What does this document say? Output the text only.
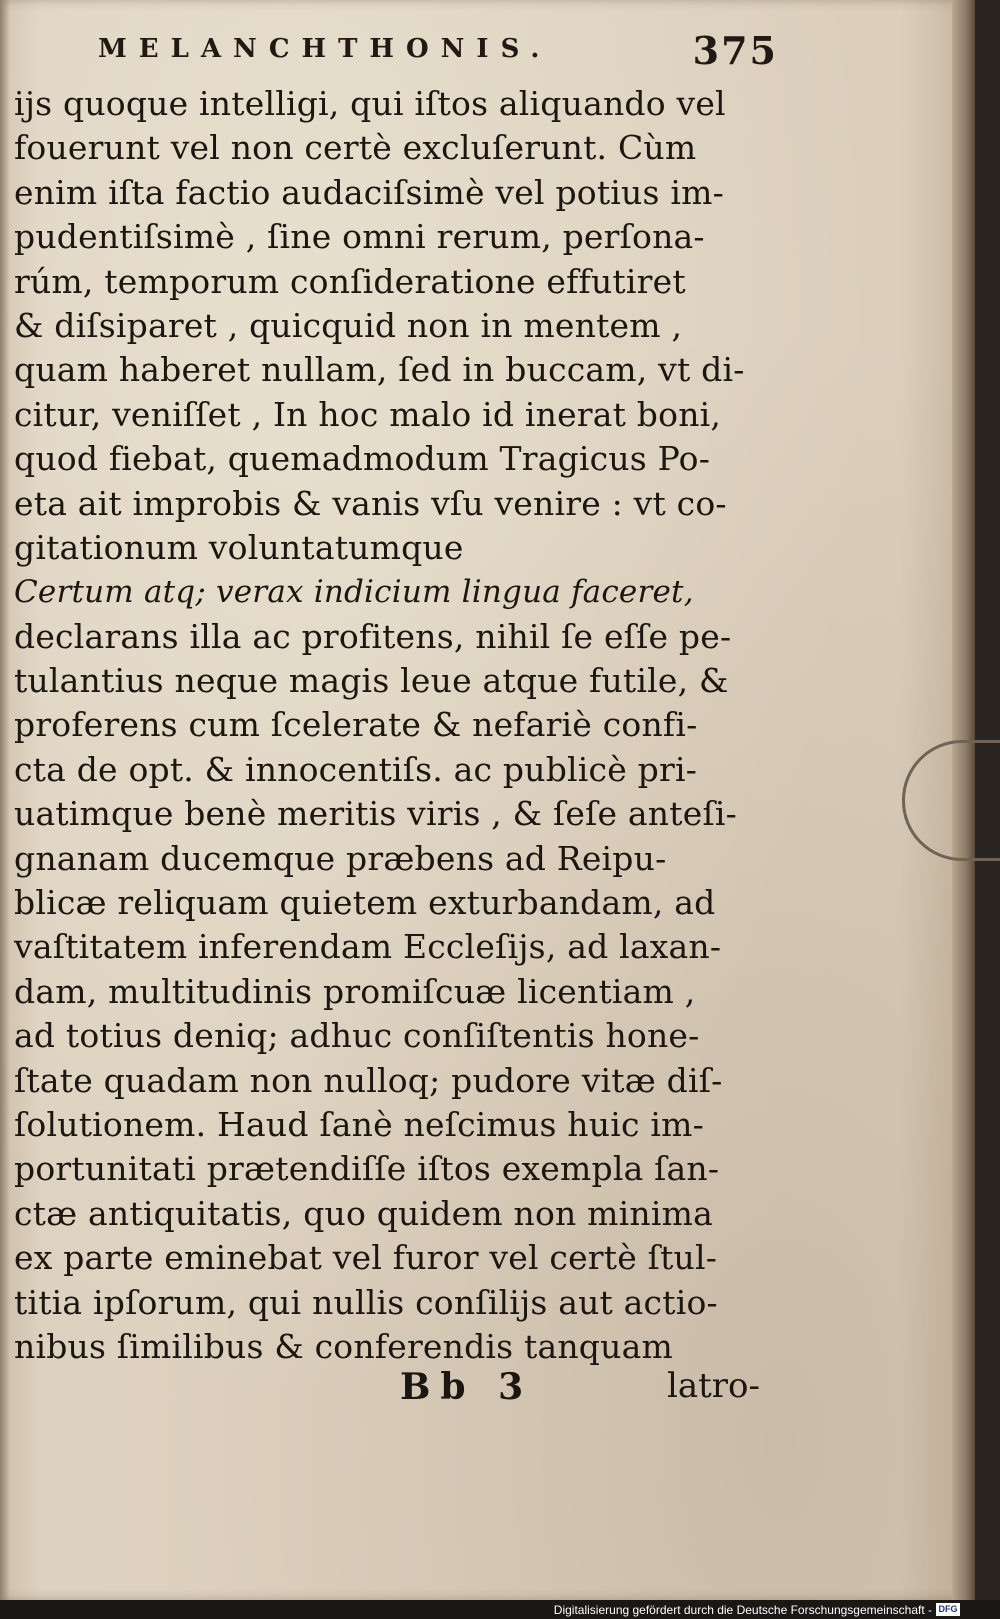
MELANCHTHONIS.	375
ijs quoque intelligi, qui iſtos aliquando vel
fouerunt vel non certè excluſerunt. Cùm
enim iſta factio audaciſsimè vel potius im-
pudentiſsimè , ſine omni rerum, perſona-
rúm, temporum conſideratione effutiret
& diſsiparet , quicquid non in mentem ,
quam haberet nullam, ſed in buccam, vt di-
citur, veniſſet , In hoc malo id inerat boni,
quod fiebat, quemadmodum Tragicus Po-
eta ait improbis & vanis vſu venire : vt co-
gitationum voluntatumque
Certum atq; verax indicium lingua faceret,
declarans illa ac profitens, nihil ſe eſſe pe-
tulantius neque magis leue atque futile, &
proferens cum ſcelerate & nefariè confi-
cta de opt. & innocentiſs. ac publicè pri-
uatimque benè meritis viris , & ſeſe anteſi-
gnanam ducemque præbens ad Reipu-
blicæ reliquam quietem exturbandam, ad
vaſtitatem inferendam Eccleſijs, ad laxan-
dam, multitudinis promiſcuæ licentiam ,
ad totius deniq; adhuc conſiſtentis hone-
ſtate quadam non nulloq; pudore vitæ diſ-
ſolutionem. Haud ſanè neſcimus huic im-
portunitati prætendiſſe iſtos exempla ſan-
ctæ antiquitatis, quo quidem non minima
ex parte eminebat vel furor vel certè ſtul-
titia ipſorum, qui nullis conſilijs aut actio-
nibus ſimilibus & conferendis tanquam
Bb 3	latro-
Digitalisierung gefördert durch die Deutsche Forschungsgemeinschaft - DFG
